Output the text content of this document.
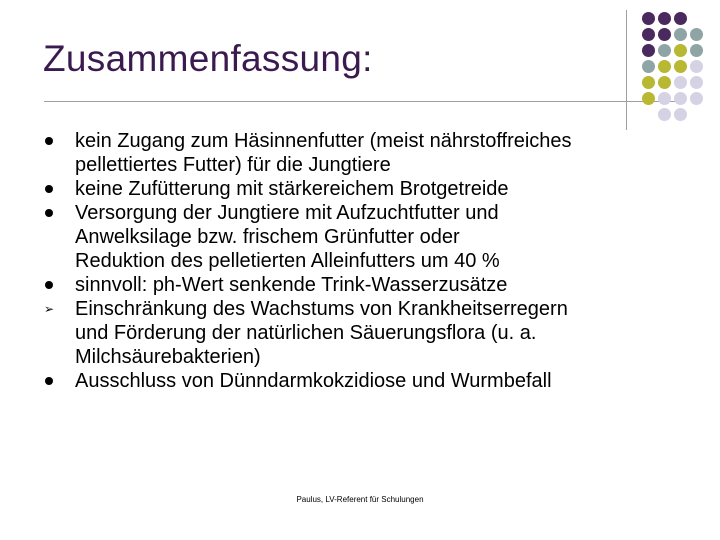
Zusammenfassung:
kein Zugang zum Häsinnenfutter (meist nährstoffreiches
pellettiertes Futter) für die Jungtiere
keine Zufütterung mit stärkereichem Brotgetreide
Versorgung der Jungtiere mit Aufzuchtfutter und
Anwelksilage bzw. frischem Grünfutter oder
Reduktion des pelletierten Alleinfutters um 40 %
sinnvoll: ph-Wert senkende Trink-Wasserzusätze
➢ Einschränkung des Wachstums von Krankheitserregern
und Förderung der natürlichen Säuerungsflora (u. a.
Milchsäurebakterien)
Ausschluss von Dünndarmkokzidiose und Wurmbefall
Paulus, LV-Referent für Schulungen
